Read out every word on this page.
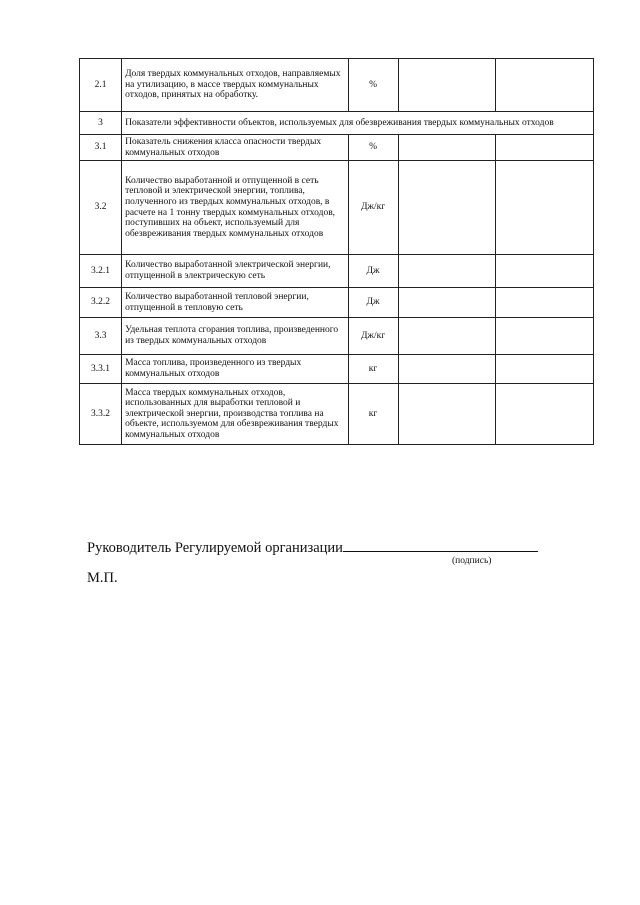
2.1	Доля твердых коммунальных отходов, направляемых на утилизацию, в массе твердых коммунальных отходов, принятых на обработку.	%		
3	Показатели эффективности объектов, используемых для обезвреживания твердых коммунальных отходов			
3.1	Показатель снижения класса опасности твердых коммунальных отходов	%		
3.2	Количество выработанной и отпущенной в сеть тепловой и электрической энергии, топлива, полученного из твердых коммунальных отходов, в расчете на 1 тонну твердых коммунальных отходов, поступивших на объект, используемый для обезвреживания твердых коммунальных отходов	Дж/кг		
3.2.1	Количество выработанной электрической энергии, отпущенной в электрическую сеть	Дж		
3.2.2	Количество выработанной тепловой энергии, отпущенной в тепловую сеть	Дж		
3.3	Удельная теплота сгорания топлива, произведенного из твердых коммунальных отходов	Дж/кг		
3.3.1	Масса топлива, произведенного из твердых коммунальных отходов	кг		
3.3.2	Масса твердых коммунальных отходов, использованных для выработки тепловой и электрической энергии, производства топлива на объекте, используемом для обезвреживания твердых коммунальных отходов	кг		
Руководитель Регулируемой организации
(подпись)
М.П.
